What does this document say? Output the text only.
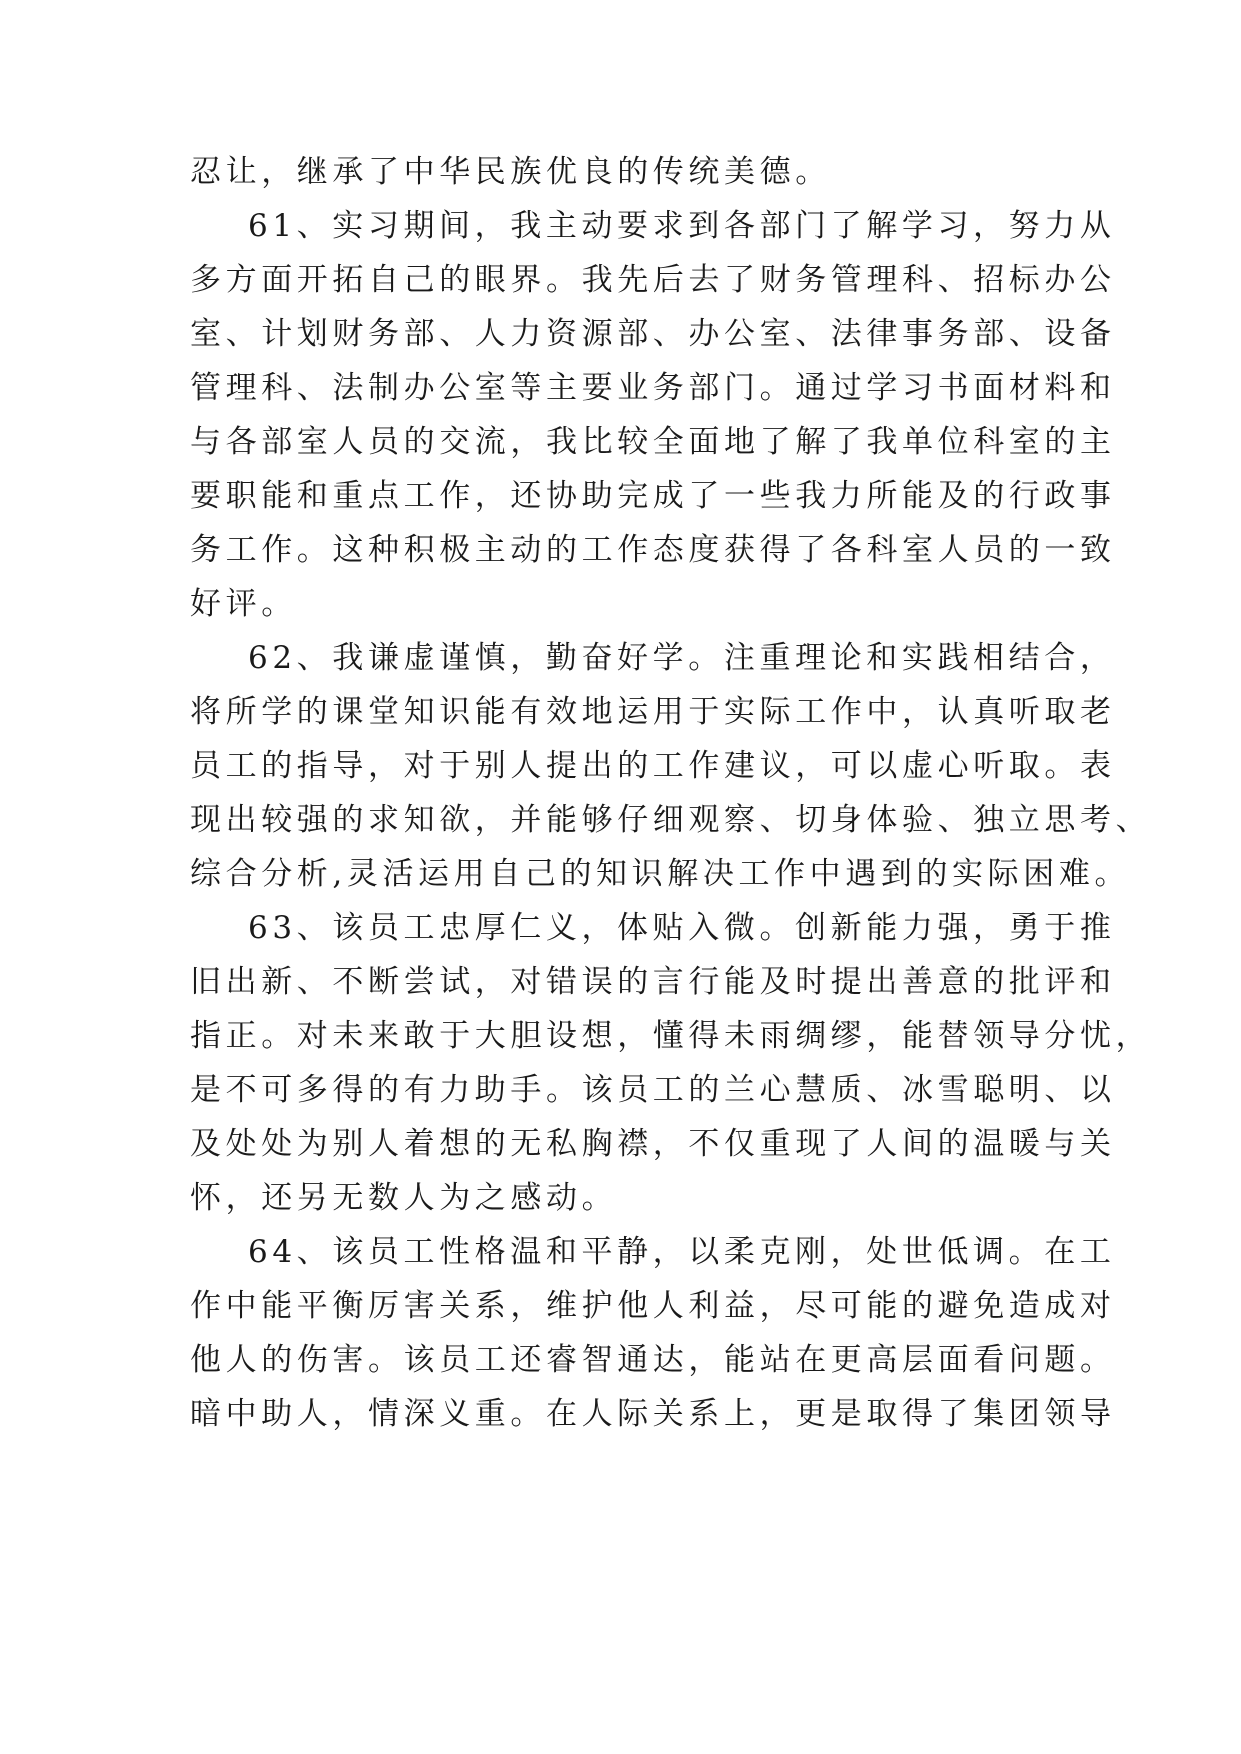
忍让，继承了中华民族优良的传统美德。
61、实习期间，我主动要求到各部门了解学习，努力从
多方面开拓自己的眼界。我先后去了财务管理科、招标办公
室、计划财务部、人力资源部、办公室、法律事务部、设备
管理科、法制办公室等主要业务部门。通过学习书面材料和
与各部室人员的交流，我比较全面地了解了我单位科室的主
要职能和重点工作，还协助完成了一些我力所能及的行政事
务工作。这种积极主动的工作态度获得了各科室人员的一致
好评。
62、我谦虚谨慎，勤奋好学。注重理论和实践相结合，
将所学的课堂知识能有效地运用于实际工作中，认真听取老
员工的指导，对于别人提出的工作建议，可以虚心听取。表
现出较强的求知欲，并能够仔细观察、切身体验、独立思考、
综合分析,灵活运用自己的知识解决工作中遇到的实际困难。
63、该员工忠厚仁义，体贴入微。创新能力强，勇于推
旧出新、不断尝试，对错误的言行能及时提出善意的批评和
指正。对未来敢于大胆设想，懂得未雨绸缪，能替领导分忧，
是不可多得的有力助手。该员工的兰心慧质、冰雪聪明、以
及处处为别人着想的无私胸襟，不仅重现了人间的温暖与关
怀，还另无数人为之感动。
64、该员工性格温和平静，以柔克刚，处世低调。在工
作中能平衡厉害关系，维护他人利益，尽可能的避免造成对
他人的伤害。该员工还睿智通达，能站在更高层面看问题。
暗中助人，情深义重。在人际关系上，更是取得了集团领导
